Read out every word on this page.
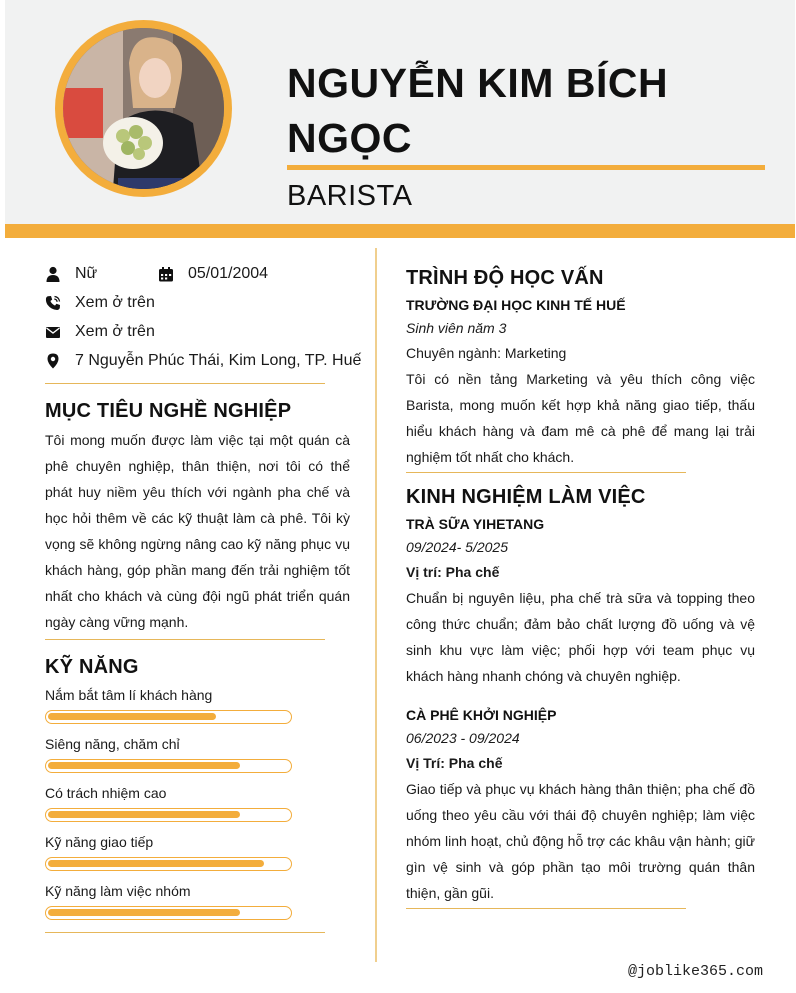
NGUYỄN KIM BÍCH NGỌC
BARISTA
Nữ	05/01/2004
Xem ở trên
Xem ở trên
7 Nguyễn Phúc Thái, Kim Long, TP. Huế
MỤC TIÊU NGHỀ NGHIỆP
Tôi mong muốn được làm việc tại một quán cà phê chuyên nghiệp, thân thiện, nơi tôi có thể phát huy niềm yêu thích với ngành pha chế và học hỏi thêm về các kỹ thuật làm cà phê. Tôi kỳ vọng sẽ không ngừng nâng cao kỹ năng phục vụ khách hàng, góp phần mang đến trải nghiệm tốt nhất cho khách và cùng đội ngũ phát triển quán ngày càng vững mạnh.
KỸ NĂNG
Nắm bắt tâm lí khách hàng
Siêng năng, chăm chỉ
Có trách nhiệm cao
Kỹ năng giao tiếp
Kỹ năng làm việc nhóm
TRÌNH ĐỘ HỌC VẤN
TRƯỜNG ĐẠI HỌC KINH TẾ HUẾ
Sinh viên năm 3
Chuyên ngành: Marketing
Tôi có nền tảng Marketing và yêu thích công việc Barista, mong muốn kết hợp khả năng giao tiếp, thấu hiểu khách hàng và đam mê cà phê để mang lại trải nghiệm tốt nhất cho khách.
KINH NGHIỆM LÀM VIỆC
TRÀ SỮA YIHETANG
09/2024- 5/2025
Vị trí: Pha chế
Chuẩn bị nguyên liệu, pha chế trà sữa và topping theo công thức chuẩn; đảm bảo chất lượng đồ uống và vệ sinh khu vực làm việc; phối hợp với team phục vụ khách hàng nhanh chóng và chuyên nghiệp.
CÀ PHÊ KHỞI NGHIỆP
06/2023 - 09/2024
Vị Trí: Pha chế
Giao tiếp và phục vụ khách hàng thân thiện; pha chế đồ uống theo yêu cầu với thái độ chuyên nghiệp; làm việc nhóm linh hoạt, chủ động hỗ trợ các khâu vận hành; giữ gìn vệ sinh và góp phần tạo môi trường quán thân thiện, gần gũi.
@joblike365.com
